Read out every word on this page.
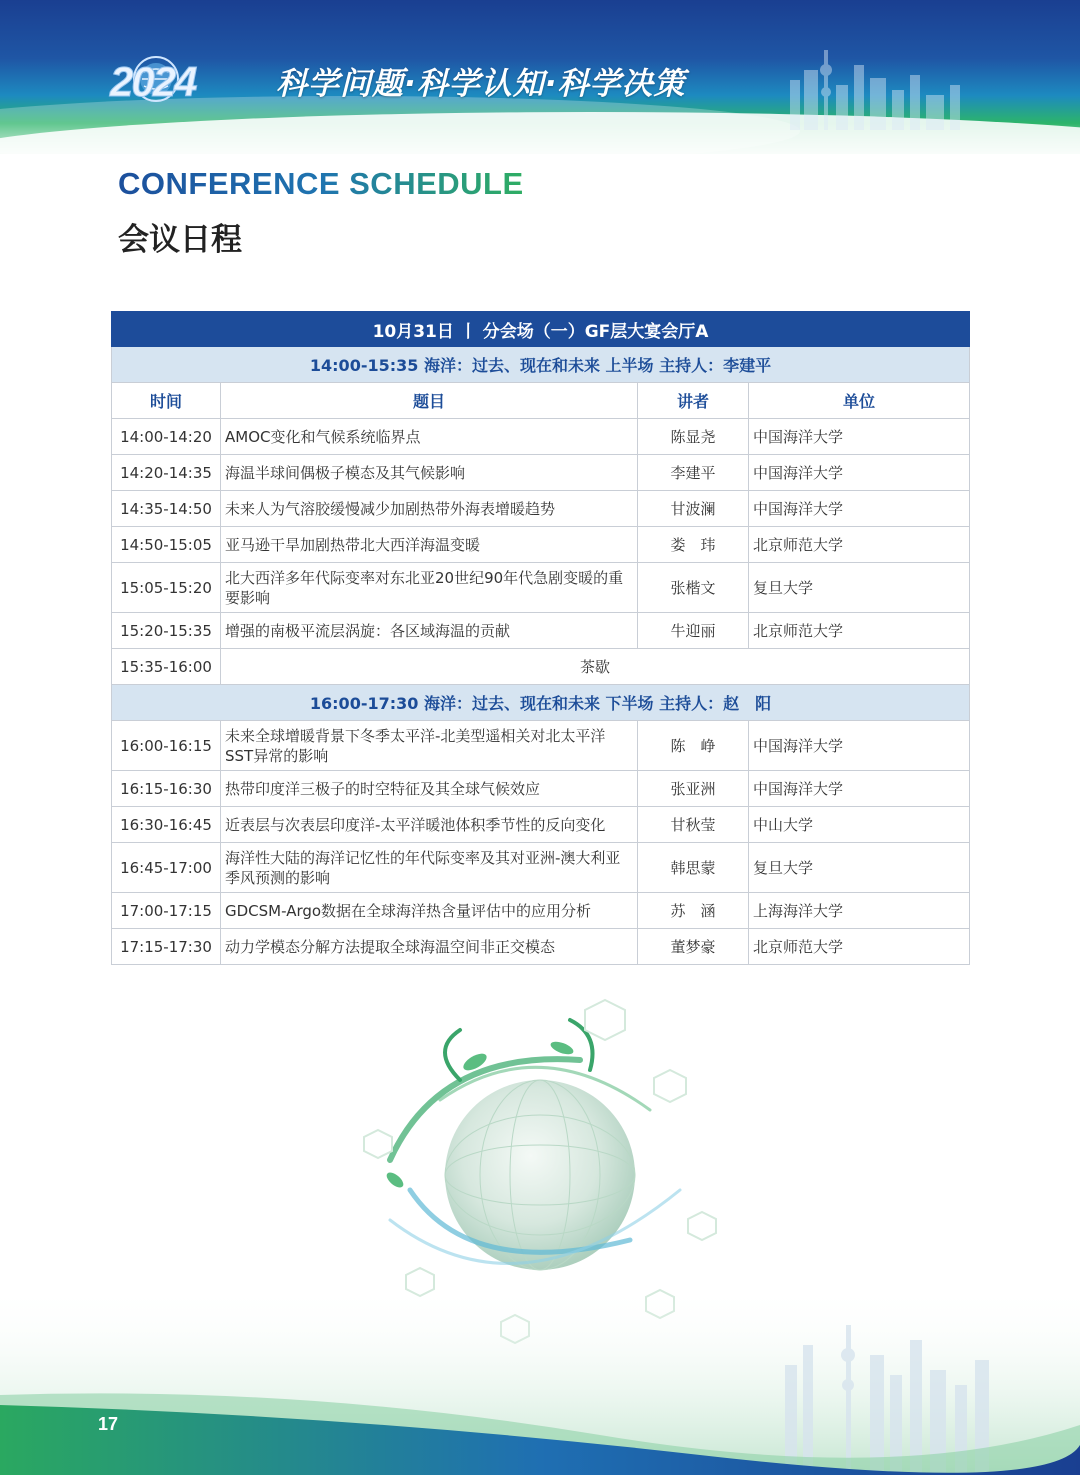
2024	科学问题·科学认知·科学决策
CONFERENCE SCHEDULE
会议日程
10月31日 丨 分会场（一）GF层大宴会厅A			
14:00-15:35 海洋：过去、现在和未来 上半场 主持人：李建平			
时间	题目	讲者	单位
14:00-14:20	AMOC变化和气候系统临界点	陈显尧	中国海洋大学
14:20-14:35	海温半球间偶极子模态及其气候影响	李建平	中国海洋大学
14:35-14:50	未来人为气溶胶缓慢减少加剧热带外海表增暖趋势	甘波澜	中国海洋大学
14:50-15:05	亚马逊干旱加剧热带北大西洋海温变暖	娄　玮	北京师范大学
15:05-15:20	北大西洋多年代际变率对东北亚20世纪90年代急剧变暖的重要影响	张楷文	复旦大学
15:20-15:35	增强的南极平流层涡旋：各区域海温的贡献	牛迎丽	北京师范大学
15:35-16:00	茶歇		
16:00-17:30 海洋：过去、现在和未来 下半场 主持人：赵　阳			
16:00-16:15	未来全球增暖背景下冬季太平洋-北美型遥相关对北太平洋SST异常的影响	陈　峥	中国海洋大学
16:15-16:30	热带印度洋三极子的时空特征及其全球气候效应	张亚洲	中国海洋大学
16:30-16:45	近表层与次表层印度洋-太平洋暖池体积季节性的反向变化	甘秋莹	中山大学
16:45-17:00	海洋性大陆的海洋记忆性的年代际变率及其对亚洲-澳大利亚季风预测的影响	韩思蒙	复旦大学
17:00-17:15	GDCSM-Argo数据在全球海洋热含量评估中的应用分析	苏　涵	上海海洋大学
17:15-17:30	动力学模态分解方法提取全球海温空间非正交模态	董梦豪	北京师范大学
17
